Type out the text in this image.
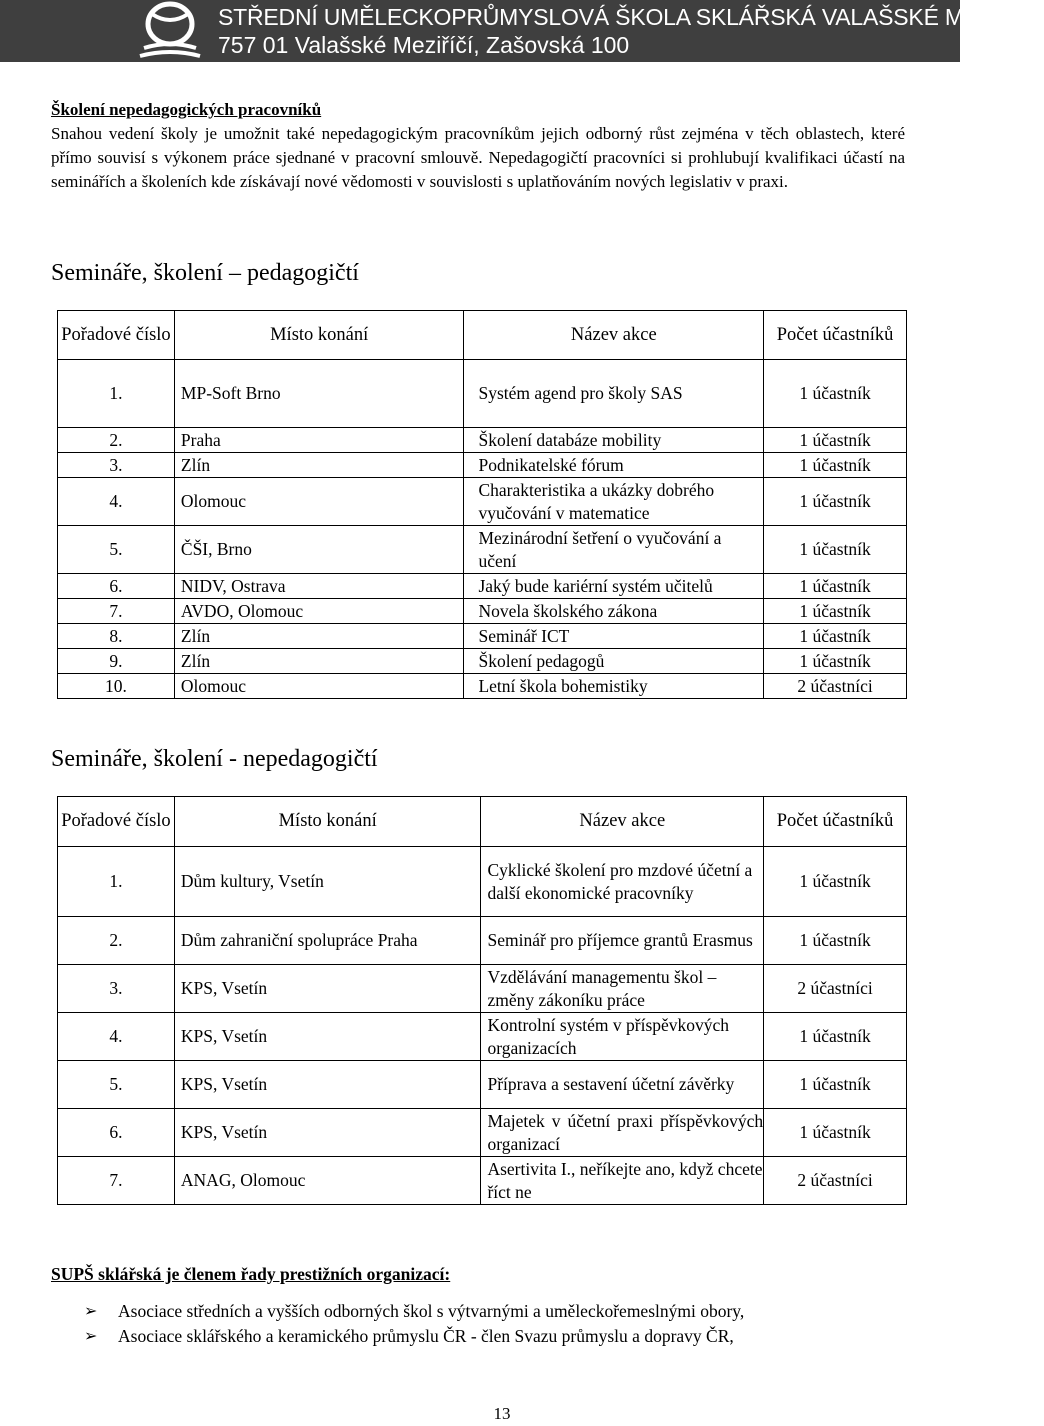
STŘEDNÍ UMĚLECKOPRŮMYSLOVÁ ŠKOLA SKLÁŘSKÁ VALAŠSKÉ MEZIŘÍČÍ
757 01 Valašské Meziříčí, Zašovská 100
Školení nepedagogických pracovníků

Snahou vedení školy je umožnit také nepedagogickým pracovníkům jejich odborný růst zejména v těch oblastech, které přímo souvisí s výkonem práce sjednané v pracovní smlouvě. Nepedagogičtí pracovníci si prohlubují kvalifikaci účastí na seminářích a školeních kde získávají nové vědomosti v souvislosti s uplatňováním nových legislativ v praxi.

Semináře, školení – pedagogičtí
Pořadové číslo	Místo konání	Název akce	Počet účastníků
1.	MP-Soft Brno	Systém agend pro školy SAS	1 účastník
2.	Praha	Školení databáze mobility	1 účastník
3.	Zlín	Podnikatelské fórum	1 účastník
4.	Olomouc	Charakteristika a ukázky dobrého vyučování v matematice	1 účastník
5.	ČŠI, Brno	Mezinárodní šetření o vyučování a učení	1 účastník
6.	NIDV, Ostrava	Jaký bude kariérní systém učitelů	1 účastník
7.	AVDO, Olomouc	Novela školského zákona	1 účastník
8.	Zlín	Seminář ICT	1 účastník
9.	Zlín	Školení pedagogů	1 účastník
10.	Olomouc	Letní škola bohemistiky	2 účastníci
Semináře, školení - nepedagogičtí
Pořadové číslo	Místo konání	Název akce	Počet účastníků
1.	Dům kultury, Vsetín	Cyklické školení pro mzdové účetní a další ekonomické pracovníky	1 účastník
2.	Dům zahraniční spolupráce Praha	Seminář pro příjemce grantů Erasmus	1 účastník
3.	KPS, Vsetín	Vzdělávání managementu škol – změny zákoníku práce	2 účastníci
4.	KPS, Vsetín	Kontrolní systém v příspěvkových organizacích	1 účastník
5.	KPS, Vsetín	Příprava a sestavení účetní závěrky	1 účastník
6.	KPS, Vsetín	Majetek v účetní praxi příspěvkových organizací	1 účastník
7.	ANAG, Olomouc	Asertivita I., neříkejte ano, když chcete říct ne	2 účastníci
SUPŠ sklářská je členem řady prestižních organizací:
➢ Asociace středních a vyšších odborných škol s výtvarnými a uměleckořemeslnými obory,
➢ Asociace sklářského a keramického průmyslu ČR - člen Svazu průmyslu a dopravy ČR,
13
